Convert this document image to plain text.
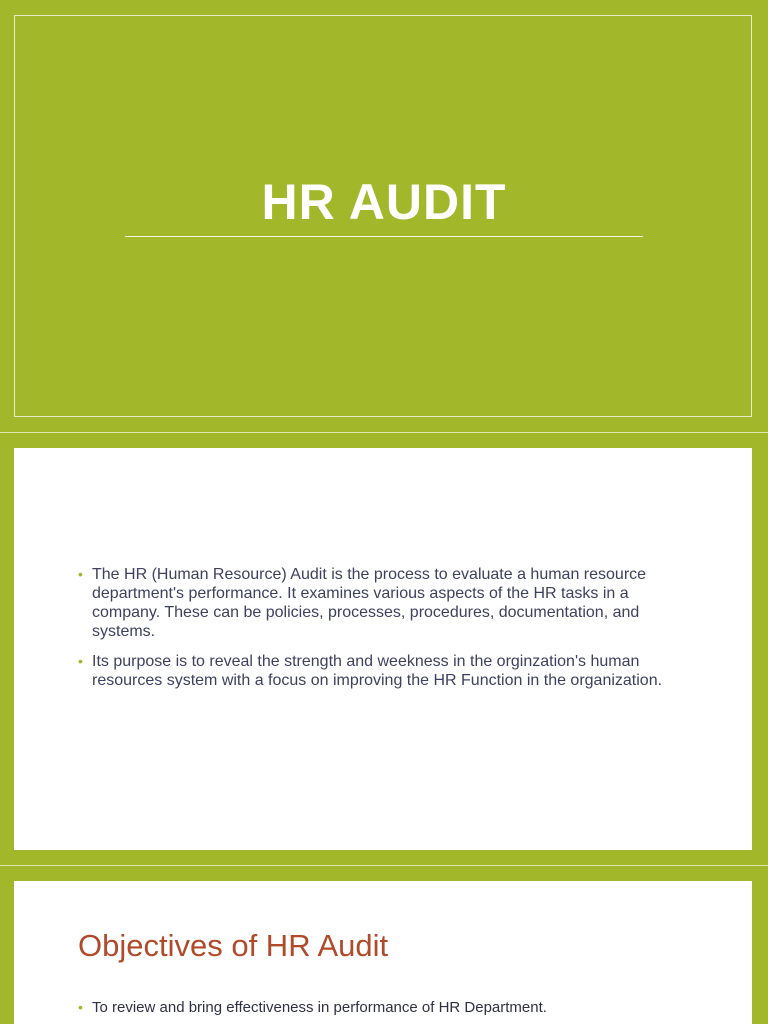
HR AUDIT
• The HR (Human Resource) Audit is the process to evaluate a human resource department's performance. It examines various aspects of the HR tasks in a company. These can be policies, processes, procedures, documentation, and systems.
• Its purpose is to reveal the strength and weekness in the orginzation's human resources system with a focus on improving the HR Function in the organization.
Objectives of HR Audit
• To review and bring effectiveness in performance of HR Department.
